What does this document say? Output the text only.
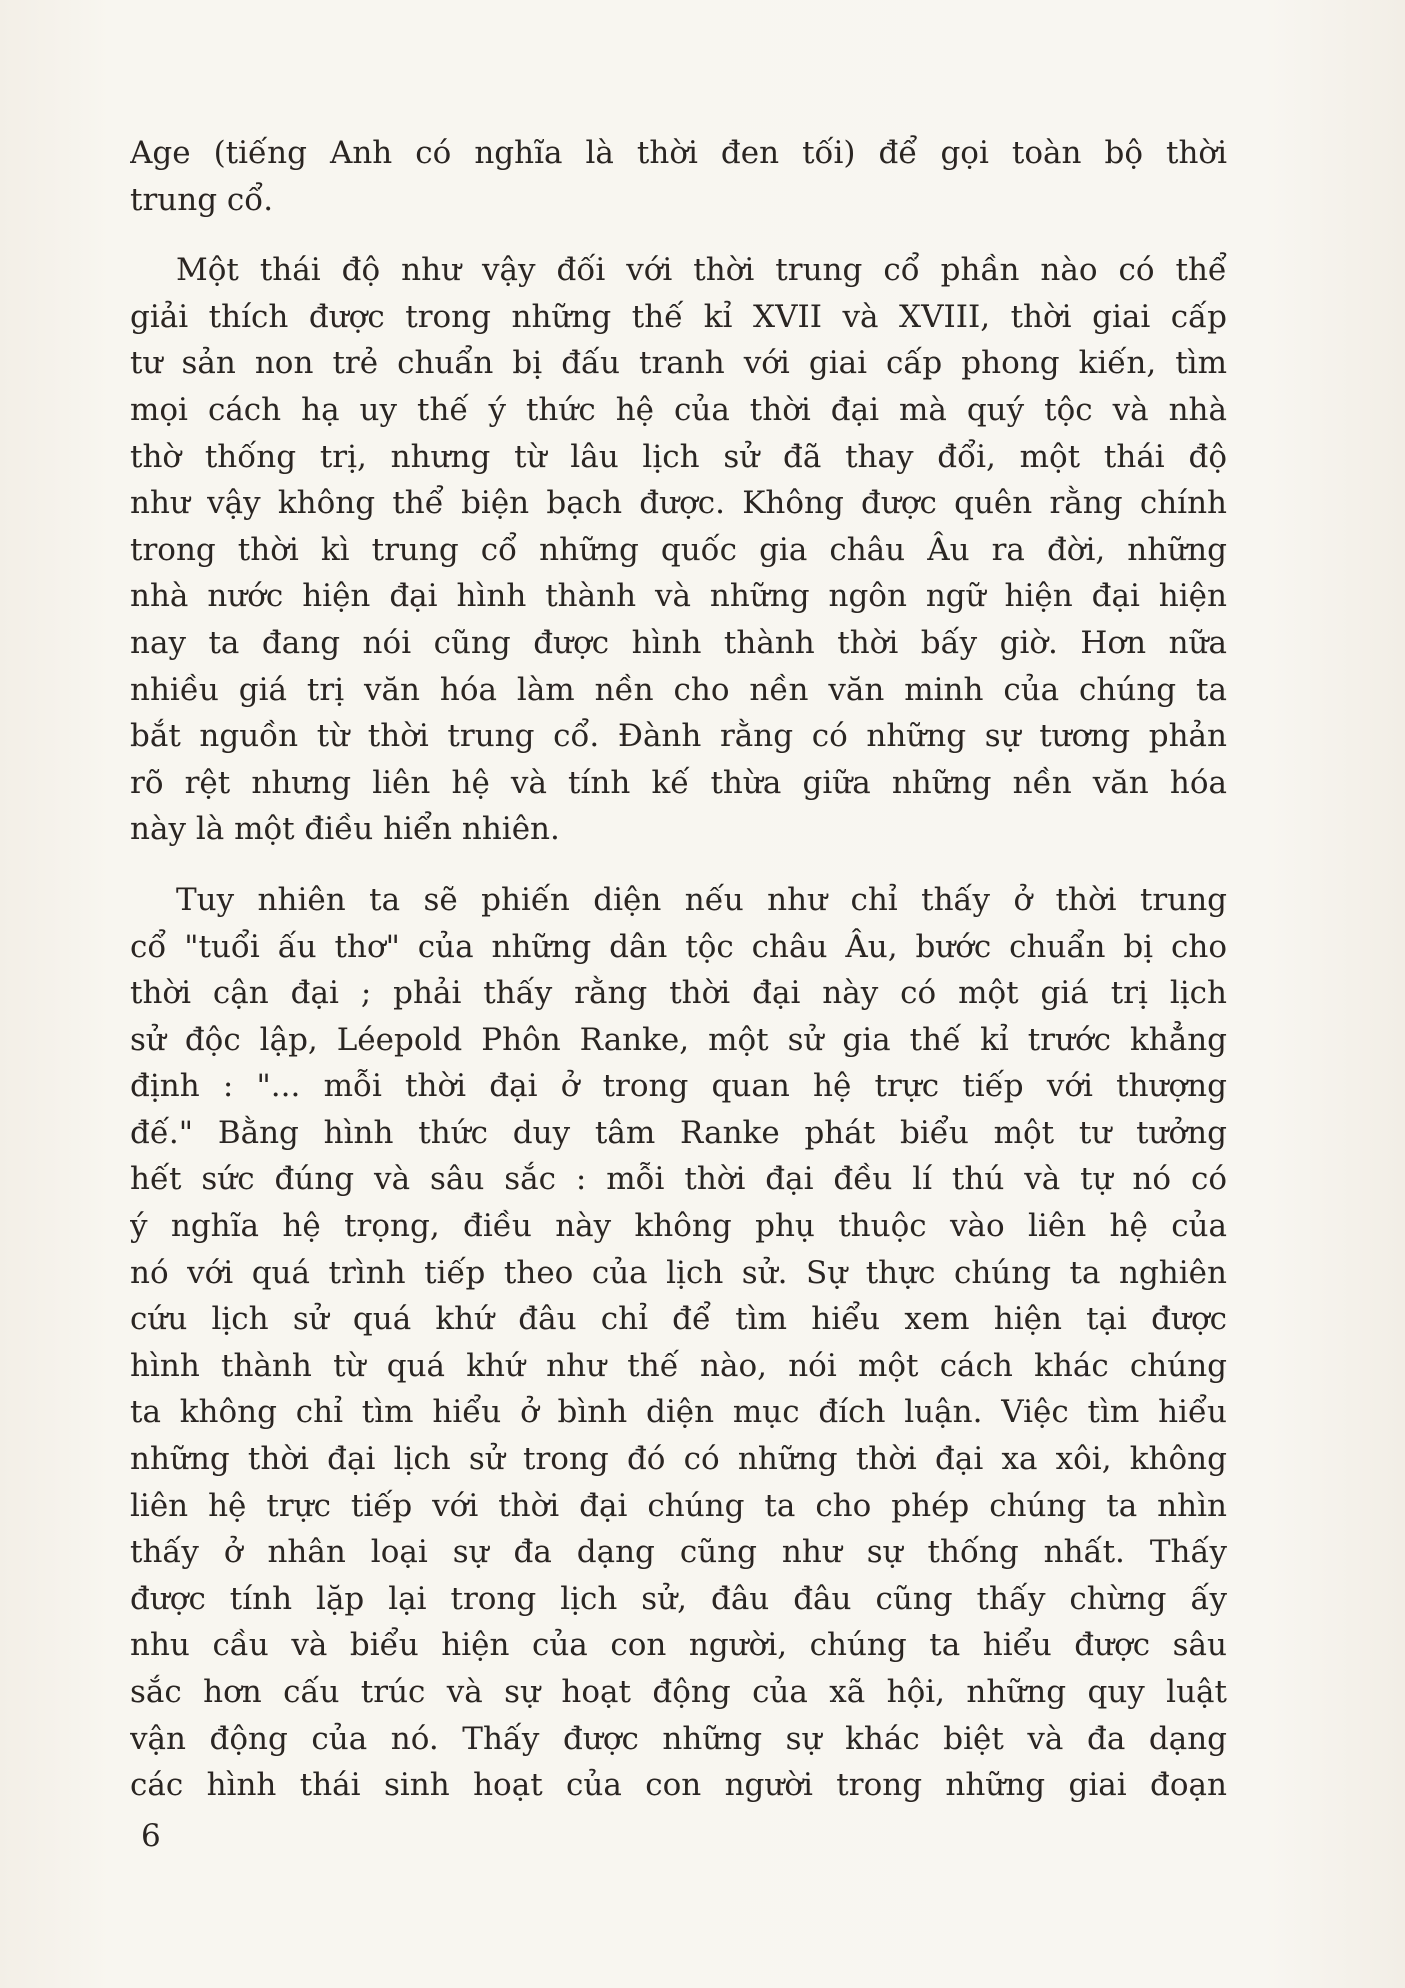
Age (tiếng Anh có nghĩa là thời đen tối) để gọi toàn bộ thời
trung cổ.
Một thái độ như vậy đối với thời trung cổ phần nào có thể
giải thích được trong những thế kỉ XVII và XVIII, thời giai cấp
tư sản non trẻ chuẩn bị đấu tranh với giai cấp phong kiến, tìm
mọi cách hạ uy thế ý thức hệ của thời đại mà quý tộc và nhà
thờ thống trị, nhưng từ lâu lịch sử đã thay đổi, một thái độ
như vậy không thể biện bạch được. Không được quên rằng chính
trong thời kì trung cổ những quốc gia châu Âu ra đời, những
nhà nước hiện đại hình thành và những ngôn ngữ hiện đại hiện
nay ta đang nói cũng được hình thành thời bấy giờ. Hơn nữa
nhiều giá trị văn hóa làm nền cho nền văn minh của chúng ta
bắt nguồn từ thời trung cổ. Đành rằng có những sự tương phản
rõ rệt nhưng liên hệ và tính kế thừa giữa những nền văn hóa
này là một điều hiển nhiên.
Tuy nhiên ta sẽ phiến diện nếu như chỉ thấy ở thời trung
cổ "tuổi ấu thơ" của những dân tộc châu Âu, bước chuẩn bị cho
thời cận đại ; phải thấy rằng thời đại này có một giá trị lịch
sử độc lập, Léepold Phôn Ranke, một sử gia thế kỉ trước khẳng
định : "... mỗi thời đại ở trong quan hệ trực tiếp với thượng
đế." Bằng hình thức duy tâm Ranke phát biểu một tư tưởng
hết sức đúng và sâu sắc : mỗi thời đại đều lí thú và tự nó có
ý nghĩa hệ trọng, điều này không phụ thuộc vào liên hệ của
nó với quá trình tiếp theo của lịch sử. Sự thực chúng ta nghiên
cứu lịch sử quá khứ đâu chỉ để tìm hiểu xem hiện tại được
hình thành từ quá khứ như thế nào, nói một cách khác chúng
ta không chỉ tìm hiểu ở bình diện mục đích luận. Việc tìm hiểu
những thời đại lịch sử trong đó có những thời đại xa xôi, không
liên hệ trực tiếp với thời đại chúng ta cho phép chúng ta nhìn
thấy ở nhân loại sự đa dạng cũng như sự thống nhất. Thấy
được tính lặp lại trong lịch sử, đâu đâu cũng thấy chừng ấy
nhu cầu và biểu hiện của con người, chúng ta hiểu được sâu
sắc hơn cấu trúc và sự hoạt động của xã hội, những quy luật
vận động của nó. Thấy được những sự khác biệt và đa dạng
các hình thái sinh hoạt của con người trong những giai đoạn
6
